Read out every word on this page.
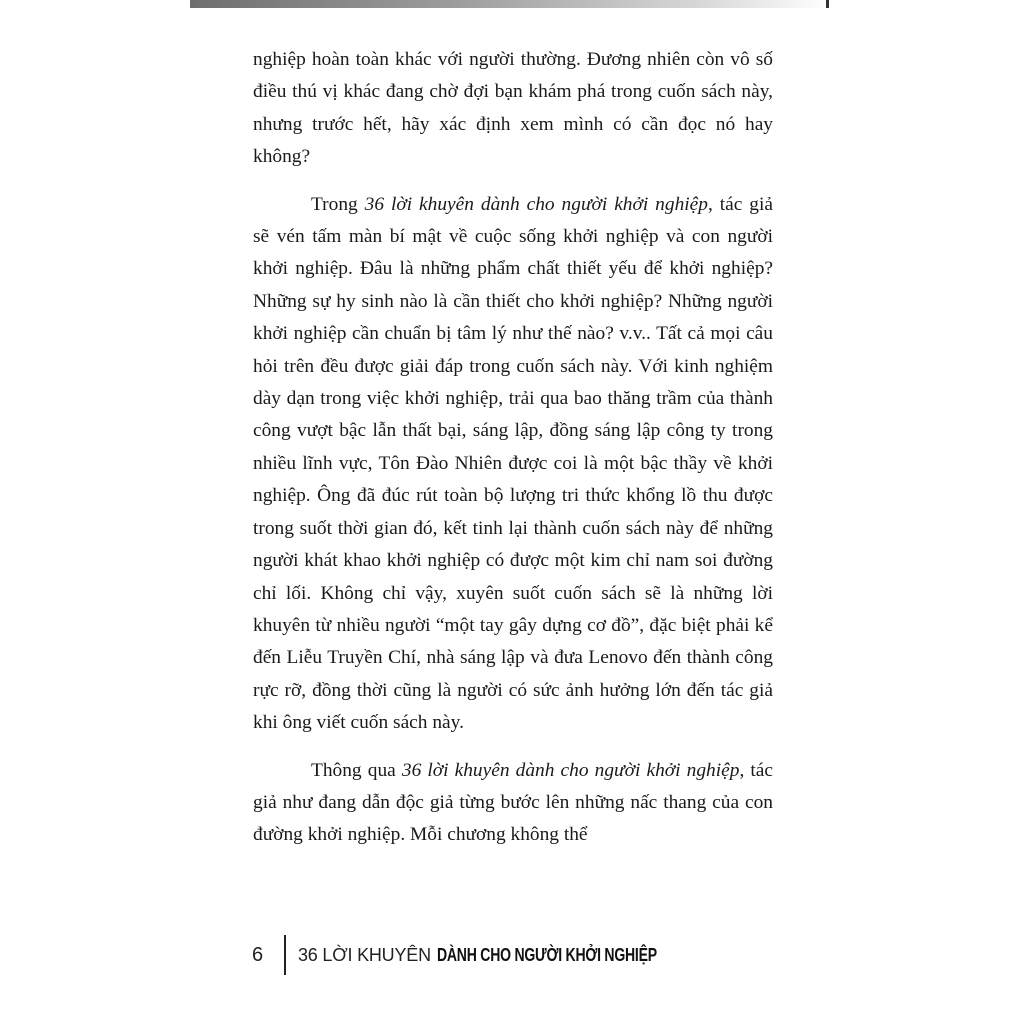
nghiệp hoàn toàn khác với người thường. Đương nhiên còn vô số điều thú vị khác đang chờ đợi bạn khám phá trong cuốn sách này, nhưng trước hết, hãy xác định xem mình có cần đọc nó hay không?

Trong 36 lời khuyên dành cho người khởi nghiệp, tác giả sẽ vén tấm màn bí mật về cuộc sống khởi nghiệp và con người khởi nghiệp. Đâu là những phẩm chất thiết yếu để khởi nghiệp? Những sự hy sinh nào là cần thiết cho khởi nghiệp? Những người khởi nghiệp cần chuẩn bị tâm lý như thế nào? v.v.. Tất cả mọi câu hỏi trên đều được giải đáp trong cuốn sách này. Với kinh nghiệm dày dạn trong việc khởi nghiệp, trải qua bao thăng trầm của thành công vượt bậc lẫn thất bại, sáng lập, đồng sáng lập công ty trong nhiều lĩnh vực, Tôn Đào Nhiên được coi là một bậc thầy về khởi nghiệp. Ông đã đúc rút toàn bộ lượng tri thức khổng lồ thu được trong suốt thời gian đó, kết tinh lại thành cuốn sách này để những người khát khao khởi nghiệp có được một kim chỉ nam soi đường chỉ lối. Không chỉ vậy, xuyên suốt cuốn sách sẽ là những lời khuyên từ nhiều người “một tay gây dựng cơ đồ”, đặc biệt phải kể đến Liễu Truyền Chí, nhà sáng lập và đưa Lenovo đến thành công rực rỡ, đồng thời cũng là người có sức ảnh hưởng lớn đến tác giả khi ông viết cuốn sách này.

Thông qua 36 lời khuyên dành cho người khởi nghiệp, tác giả như đang dẫn độc giả từng bước lên những nấc thang của con đường khởi nghiệp. Mỗi chương không thể

6	36 LỜI KHUYÊN DÀNH CHO NGƯỜI KHỞI NGHIỆP
